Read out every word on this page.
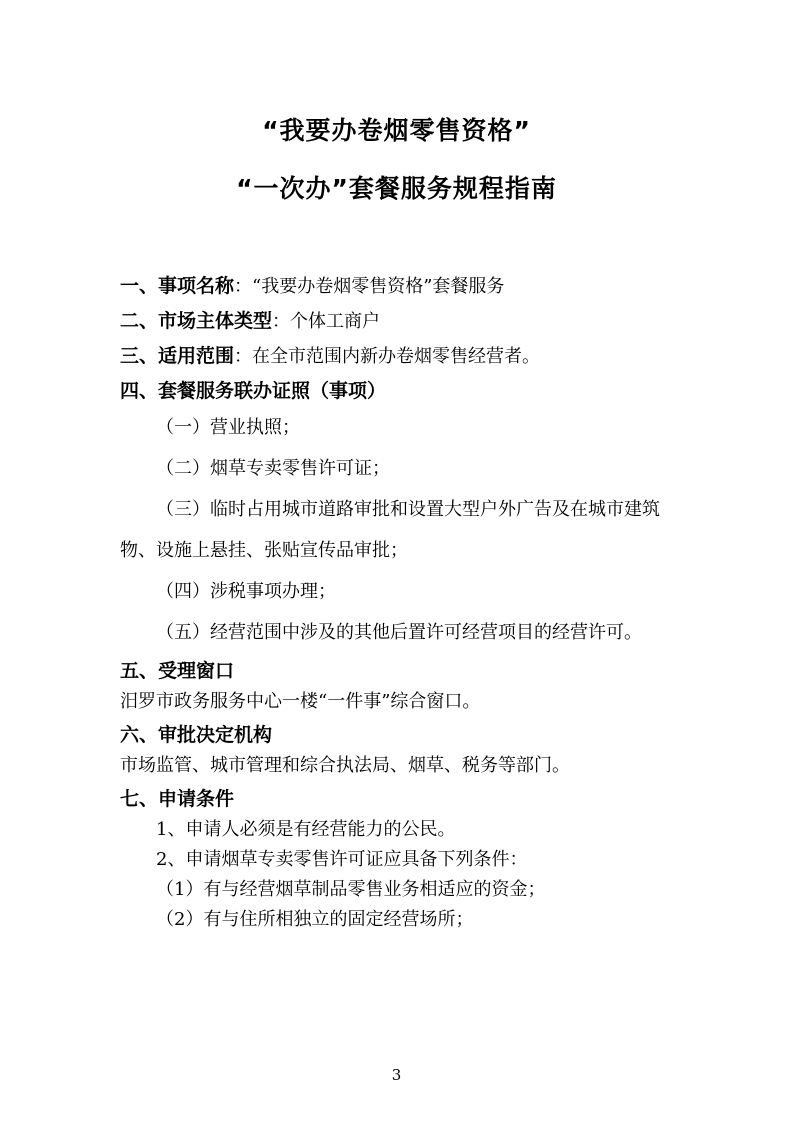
“我要办卷烟零售资格”
“一次办”套餐服务规程指南
一、事项名称：“我要办卷烟零售资格”套餐服务
二、市场主体类型：个体工商户
三、适用范围：在全市范围内新办卷烟零售经营者。
四、套餐服务联办证照（事项）
（一）营业执照；
（二）烟草专卖零售许可证；
（三）临时占用城市道路审批和设置大型户外广告及在城市建筑物、设施上悬挂、张贴宣传品审批；
（四）涉税事项办理；
（五）经营范围中涉及的其他后置许可经营项目的经营许可。
五、受理窗口
汨罗市政务服务中心一楼“一件事”综合窗口。
六、审批决定机构
市场监管、城市管理和综合执法局、烟草、税务等部门。
七、申请条件
1、申请人必须是有经营能力的公民。
2、申请烟草专卖零售许可证应具备下列条件：
（1）有与经营烟草制品零售业务相适应的资金；
（2）有与住所相独立的固定经营场所；
3
